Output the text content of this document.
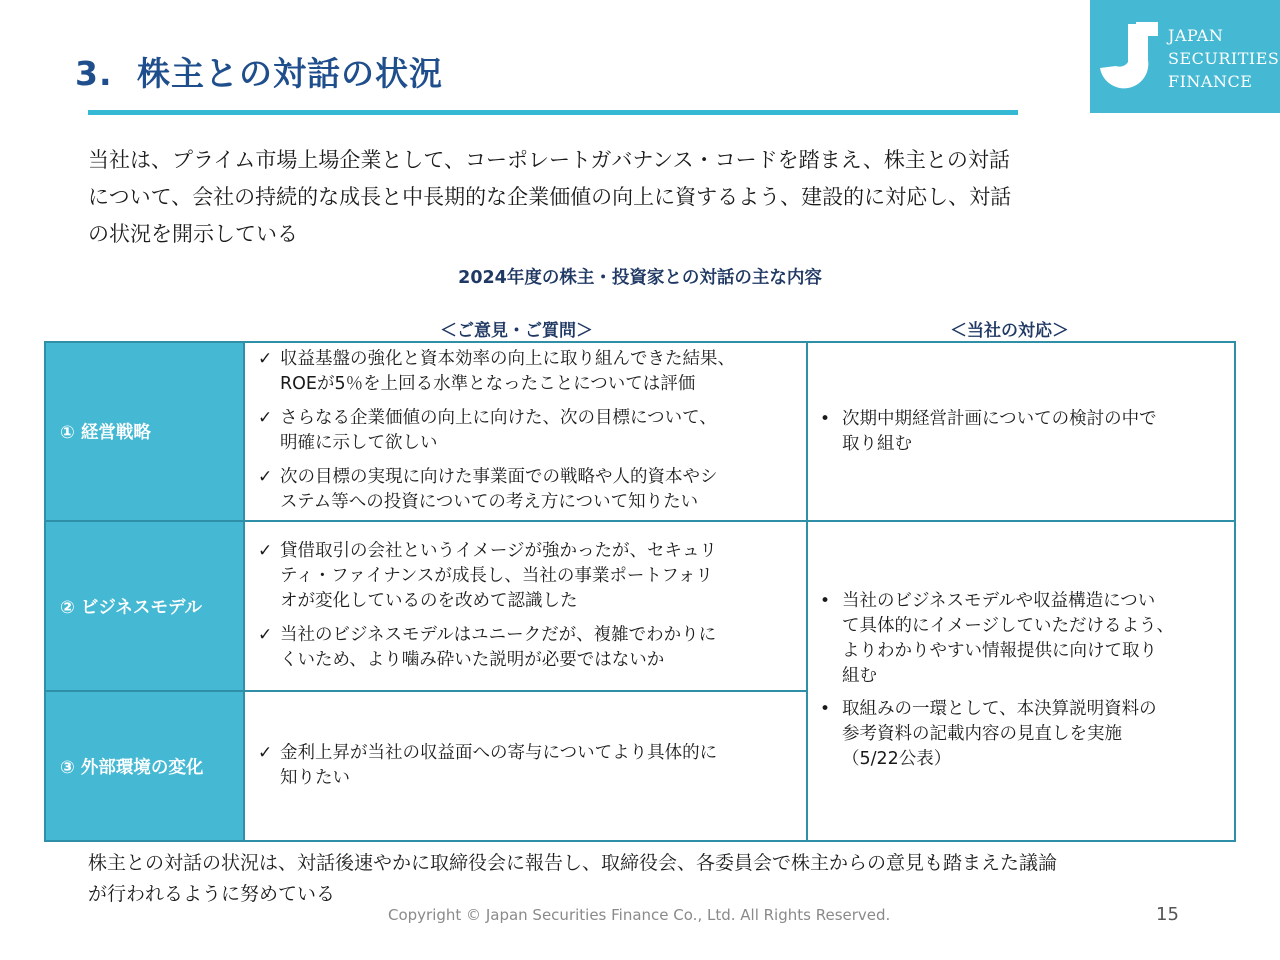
3. 株主との対話の状況
JAPAN
SECURITIES
FINANCE

当社は、プライム市場上場企業として、コーポレートガバナンス・コードを踏まえ、株主との対話
について、会社の持続的な成長と中長期的な企業価値の向上に資するよう、建設的に対応し、対話
の状況を開示している

2024年度の株主・投資家との対話の主な内容
＜ご意見・ご質問＞	＜当社の対応＞
① 経営戦略
② ビジネスモデル
③ 外部環境の変化
✓ 収益基盤の強化と資本効率の向上に取り組んできた結果、
ROEが5％を上回る水準となったことについては評価
✓ さらなる企業価値の向上に向けた、次の目標について、
明確に示して欲しい
✓ 次の目標の実現に向けた事業面での戦略や人的資本やシ
ステム等への投資についての考え方について知りたい
• 次期中期経営計画についての検討の中で
取り組む
✓ 貸借取引の会社というイメージが強かったが、セキュリ
ティ・ファイナンスが成長し、当社の事業ポートフォリ
オが変化しているのを改めて認識した
✓ 当社のビジネスモデルはユニークだが、複雑でわかりに
くいため、より噛み砕いた説明が必要ではないか
✓ 金利上昇が当社の収益面への寄与についてより具体的に
知りたい
• 当社のビジネスモデルや収益構造につい
て具体的にイメージしていただけるよう、
よりわかりやすい情報提供に向けて取り
組む
• 取組みの一環として、本決算説明資料の
参考資料の記載内容の見直しを実施
（5/22公表）

株主との対話の状況は、対話後速やかに取締役会に報告し、取締役会、各委員会で株主からの意見も踏まえた議論
が行われるように努めている

Copyright © Japan Securities Finance Co., Ltd. All Rights Reserved.	15
